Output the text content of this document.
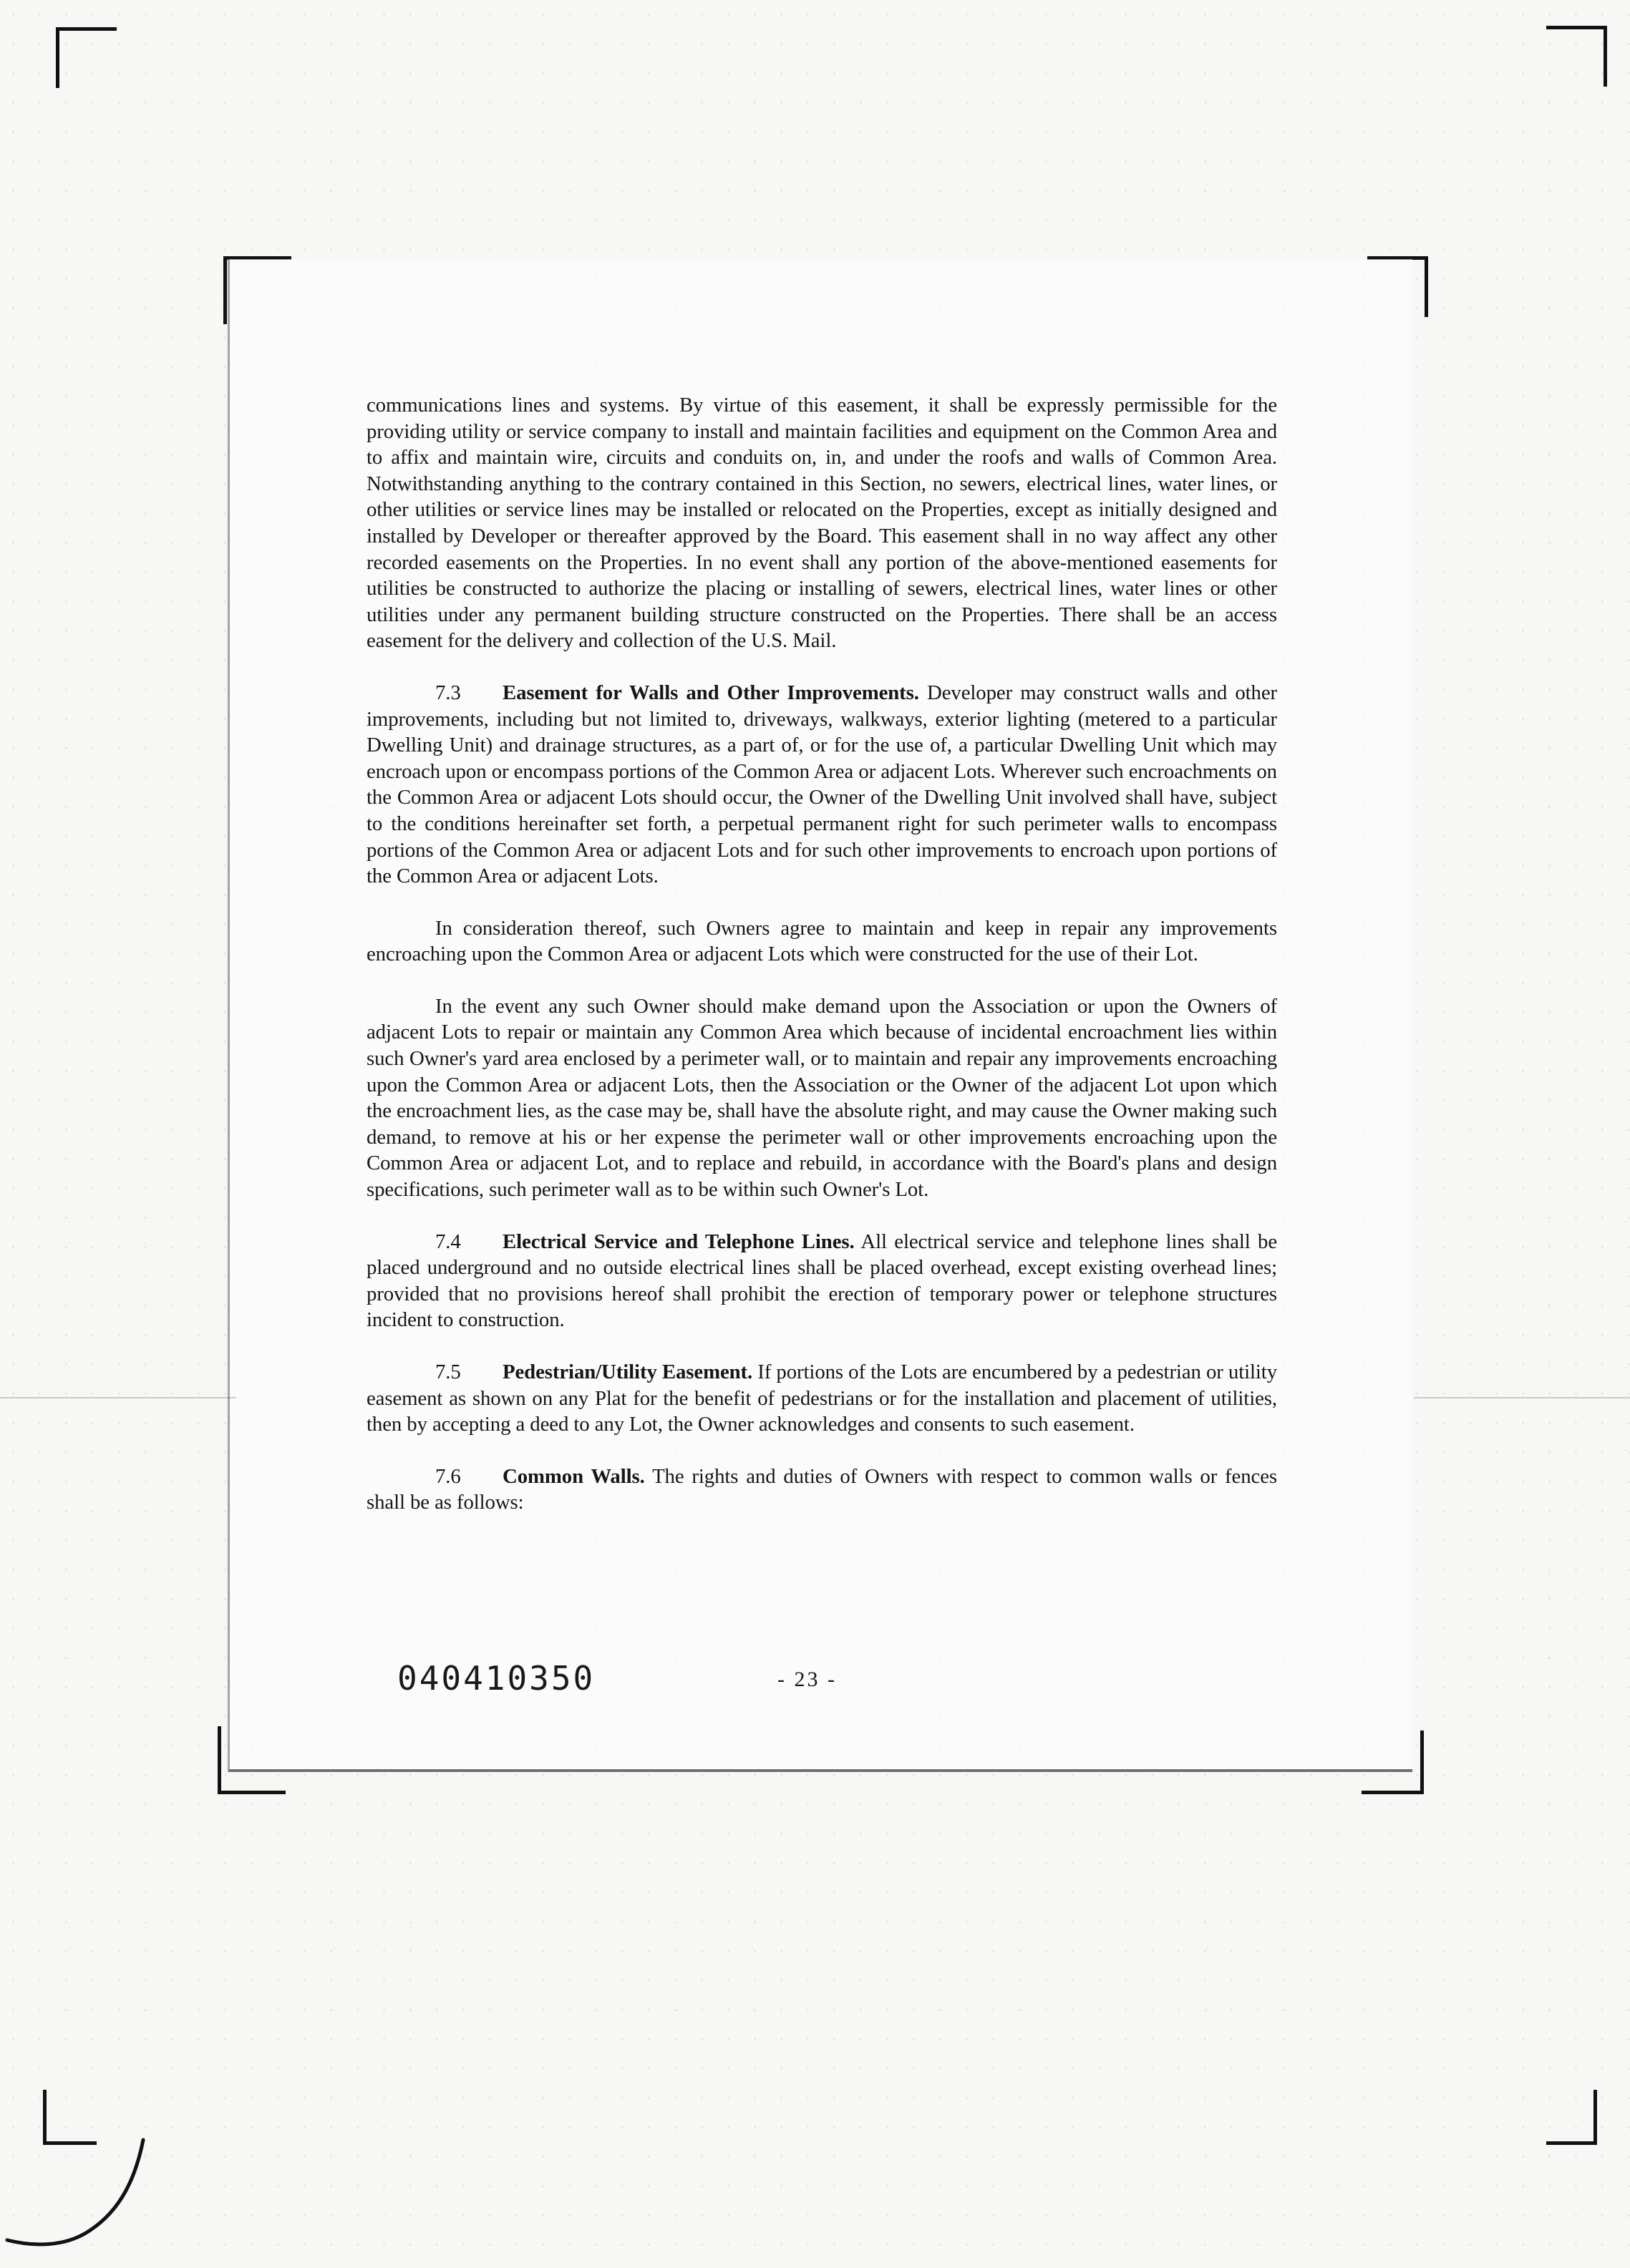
communications lines and systems. By virtue of this easement, it shall be expressly permissible for the providing utility or service company to install and maintain facilities and equipment on the Common Area and to affix and maintain wire, circuits and conduits on, in, and under the roofs and walls of Common Area. Notwithstanding anything to the contrary contained in this Section, no sewers, electrical lines, water lines, or other utilities or service lines may be installed or relocated on the Properties, except as initially designed and installed by Developer or thereafter approved by the Board. This easement shall in no way affect any other recorded easements on the Properties. In no event shall any portion of the above-mentioned easements for utilities be constructed to authorize the placing or installing of sewers, electrical lines, water lines or other utilities under any permanent building structure constructed on the Properties. There shall be an access easement for the delivery and collection of the U.S. Mail.

7.3 Easement for Walls and Other Improvements. Developer may construct walls and other improvements, including but not limited to, driveways, walkways, exterior lighting (metered to a particular Dwelling Unit) and drainage structures, as a part of, or for the use of, a particular Dwelling Unit which may encroach upon or encompass portions of the Common Area or adjacent Lots. Wherever such encroachments on the Common Area or adjacent Lots should occur, the Owner of the Dwelling Unit involved shall have, subject to the conditions hereinafter set forth, a perpetual permanent right for such perimeter walls to encompass portions of the Common Area or adjacent Lots and for such other improvements to encroach upon portions of the Common Area or adjacent Lots.

In consideration thereof, such Owners agree to maintain and keep in repair any improvements encroaching upon the Common Area or adjacent Lots which were constructed for the use of their Lot.

In the event any such Owner should make demand upon the Association or upon the Owners of adjacent Lots to repair or maintain any Common Area which because of incidental encroachment lies within such Owner's yard area enclosed by a perimeter wall, or to maintain and repair any improvements encroaching upon the Common Area or adjacent Lots, then the Association or the Owner of the adjacent Lot upon which the encroachment lies, as the case may be, shall have the absolute right, and may cause the Owner making such demand, to remove at his or her expense the perimeter wall or other improvements encroaching upon the Common Area or adjacent Lot, and to replace and rebuild, in accordance with the Board's plans and design specifications, such perimeter wall as to be within such Owner's Lot.

7.4 Electrical Service and Telephone Lines. All electrical service and telephone lines shall be placed underground and no outside electrical lines shall be placed overhead, except existing overhead lines; provided that no provisions hereof shall prohibit the erection of temporary power or telephone structures incident to construction.

7.5 Pedestrian/Utility Easement. If portions of the Lots are encumbered by a pedestrian or utility easement as shown on any Plat for the benefit of pedestrians or for the installation and placement of utilities, then by accepting a deed to any Lot, the Owner acknowledges and consents to such easement.

7.6 Common Walls. The rights and duties of Owners with respect to common walls or fences shall be as follows:

040410350	- 23 -
